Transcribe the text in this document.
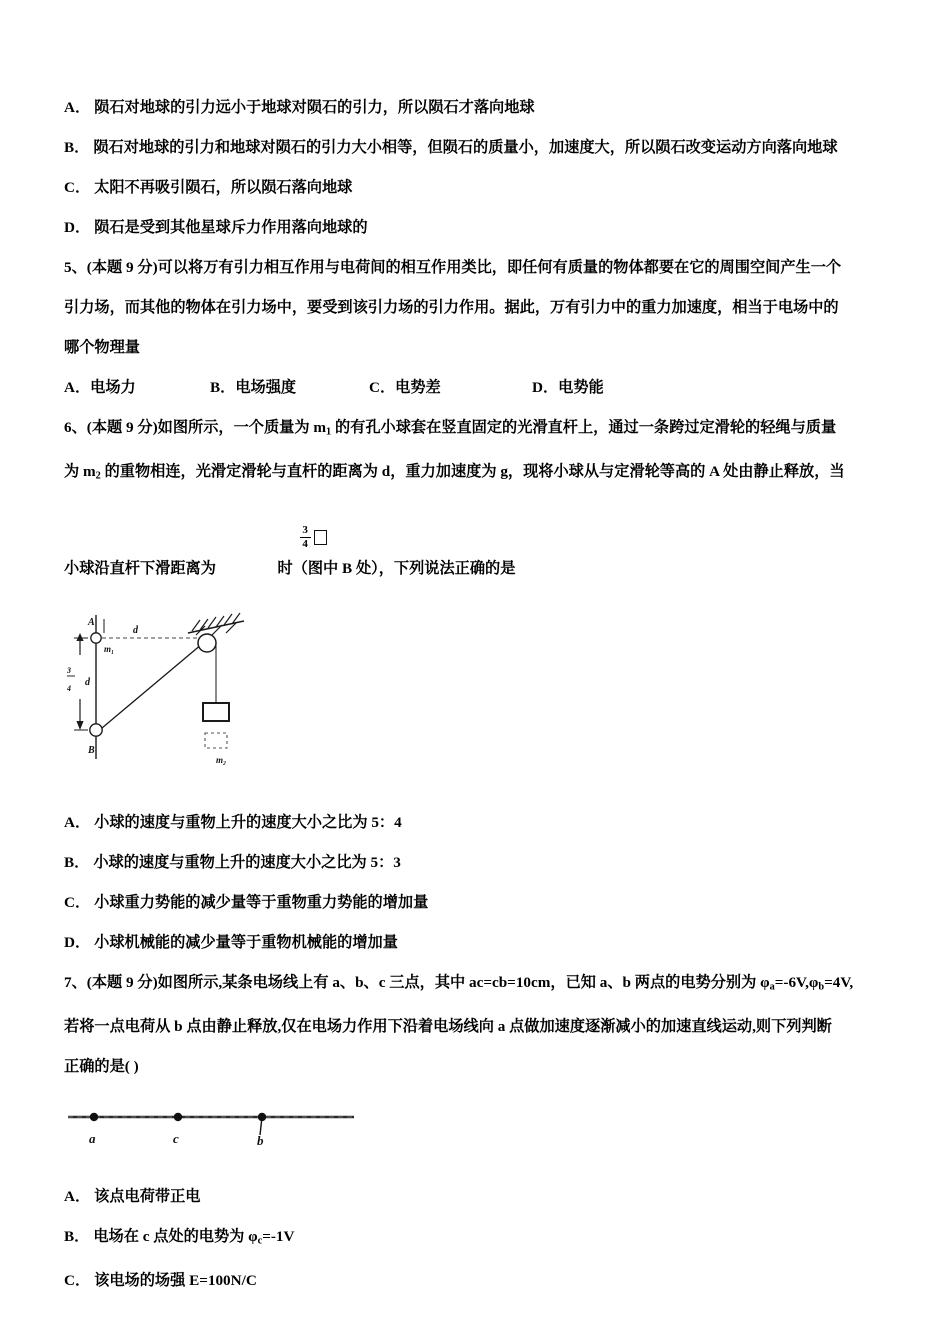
A． 陨石对地球的引力远小于地球对陨石的引力，所以陨石才落向地球
B． 陨石对地球的引力和地球对陨石的引力大小相等，但陨石的质量小，加速度大，所以陨石改变运动方向落向地球
C． 太阳不再吸引陨石，所以陨石落向地球
D． 陨石是受到其他星球斥力作用落向地球的
5、(本题 9 分)可以将万有引力相互作用与电荷间的相互作用类比，即任何有质量的物体都要在它的周围空间产生一个
引力场，而其他的物体在引力场中，要受到该引力场的引力作用。据此，万有引力中的重力加速度，相当于电场中的
哪个物理量
A．电场力	B．电场强度	C．电势差	D．电势能
6、(本题 9 分)如图所示，一个质量为 $m_1$ 的有孔小球套在竖直固定的光滑直杆上，通过一条跨过定滑轮的轻绳与质量
为 $m_2$ 的重物相连，光滑定滑轮与直杆的距离为 d，重力加速度为 g，现将小球从与定滑轮等高的 A 处由静止释放，当
小球沿直杆下滑距离为
$\frac{3}{4}$
时（图中 B 处），下列说法正确的是
A
B
m₁
m₂
d
3
4
d
A． 小球的速度与重物上升的速度大小之比为 5：4
B． 小球的速度与重物上升的速度大小之比为 5：3
C． 小球重力势能的减少量等于重物重力势能的增加量
D． 小球机械能的减少量等于重物机械能的增加量
7、(本题 9 分)如图所示,某条电场线上有 a、b、c 三点，其中 ac=cb=10cm，已知 a、b 两点的电势分别为 $\varphi_a=-6V,\varphi_b=4V$,
若将一点电荷从 b 点由静止释放,仅在电场力作用下沿着电场线向 a 点做加速度逐渐减小的加速直线运动,则下列判断
正确的是( )
a	c	b
A． 该点电荷带正电
B． 电场在 c 点处的电势为 $\varphi_c=-1V$
C． 该电场的场强 E=100N/C
